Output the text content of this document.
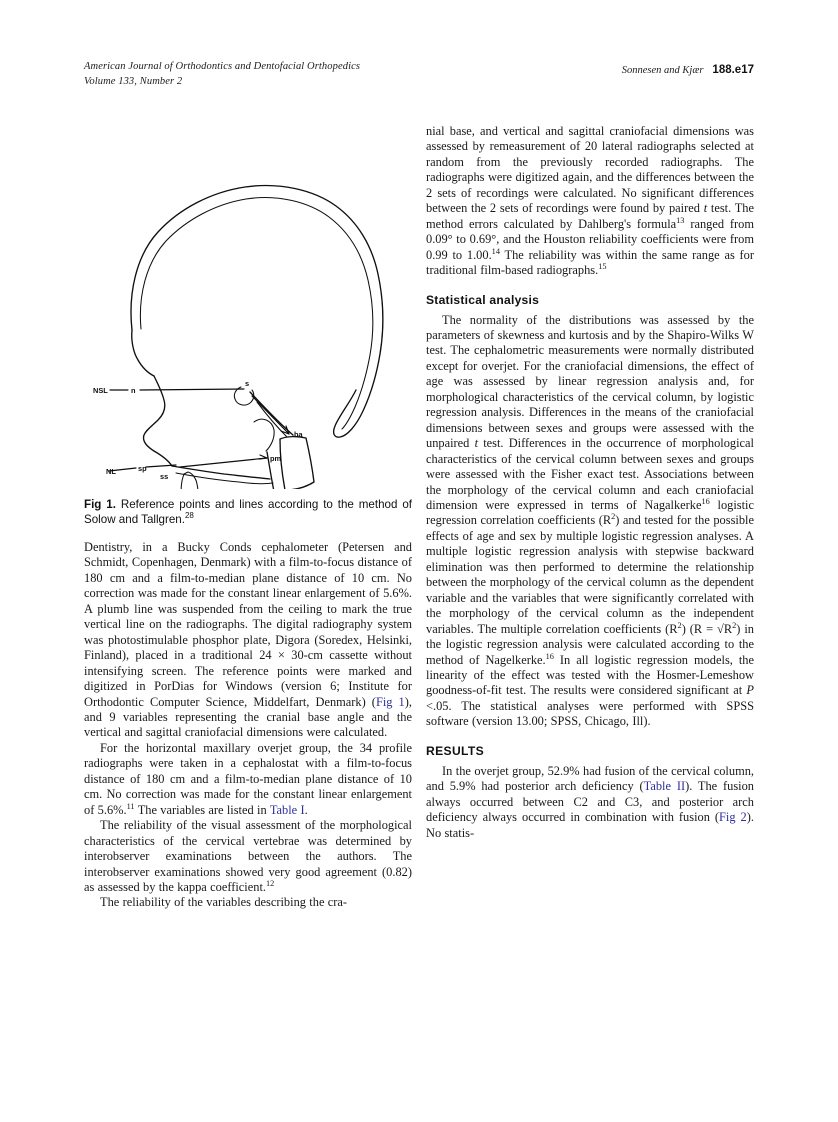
American Journal of Orthodontics and Dentofacial Orthopedics
Volume 133, Number 2
Sonnesen and Kjær 188.e17
NSL	n
s
ba
NL	sp
ss
pm
Fig 1. Reference points and lines according to the method of Solow and Tallgren.$^{28}$

Dentistry, in a Bucky Conds cephalometer (Petersen and Schmidt, Copenhagen, Denmark) with a film-to-focus distance of 180 cm and a film-to-median plane distance of 10 cm. No correction was made for the constant linear enlargement of 5.6%. A plumb line was suspended from the ceiling to mark the true vertical line on the radiographs. The digital radiography system was photostimulable phosphor plate, Digora (Soredex, Helsinki, Finland), placed in a traditional 24 × 30-cm cassette without intensifying screen. The reference points were marked and digitized in PorDias for Windows (version 6; Institute for Orthodontic Computer Science, Middelfart, Denmark) (Fig 1), and 9 variables representing the cranial base angle and the vertical and sagittal craniofacial dimensions were calculated.

For the horizontal maxillary overjet group, the 34 profile radiographs were taken in a cephalostat with a film-to-focus distance of 180 cm and a film-to-median plane distance of 10 cm. No correction was made for the constant linear enlargement of 5.6%.$^{11}$ The variables are listed in Table I.

The reliability of the visual assessment of the morphological characteristics of the cervical vertebrae was determined by interobserver examinations between the authors. The interobserver examinations showed very good agreement (0.82) as assessed by the kappa coefficient.$^{12}$

The reliability of the variables describing the cra-

nial base, and vertical and sagittal craniofacial dimensions was assessed by remeasurement of 20 lateral radiographs selected at random from the previously recorded radiographs. The radiographs were digitized again, and the differences between the 2 sets of recordings were calculated. No significant differences between the 2 sets of recordings were found by paired t test. The method errors calculated by Dahlberg's formula$^{13}$ ranged from 0.09° to 0.69°, and the Houston reliability coefficients were from 0.99 to 1.00.14 The reliability was within the same range as for traditional film-based radiographs.$^{15}$

Statistical analysis

The normality of the distributions was assessed by the parameters of skewness and kurtosis and by the Shapiro-Wilks W test. The cephalometric measurements were normally distributed except for overjet. For the craniofacial dimensions, the effect of age was assessed by linear regression analysis and, for morphological characteristics of the cervical column, by logistic regression analysis. Differences in the means of the craniofacial dimensions between sexes and groups were assessed with the unpaired t test. Differences in the occurrence of morphological characteristics of the cervical column between sexes and groups were assessed with the Fisher exact test. Associations between the morphology of the cervical column and each craniofacial dimension were expressed in terms of Nagalkerke$^{16}$ logistic regression correlation coefficients (R$^2$) and tested for the possible effects of age and sex by multiple logistic regression analyses. A multiple logistic regression analysis with stepwise backward elimination was then performed to determine the relationship between the morphology of the cervical column as the dependent variable and the variables that were significantly correlated with the morphology of the cervical column as the independent variables. The multiple correlation coefficients (R$^2$) (R = √R$^2$) in the logistic regression analysis were calculated according to the method of Nagelkerke.$^{16}$ In all logistic regression models, the linearity of the effect was tested with the Hosmer-Lemeshow goodness-of-fit test. The results were considered significant at P <.05. The statistical analyses were performed with SPSS software (version 13.00; SPSS, Chicago, Ill).

RESULTS

In the overjet group, 52.9% had fusion of the cervical column, and 5.9% had posterior arch deficiency (Table II). The fusion always occurred between C2 and C3, and posterior arch deficiency always occurred in combination with fusion (Fig 2). No statis-
